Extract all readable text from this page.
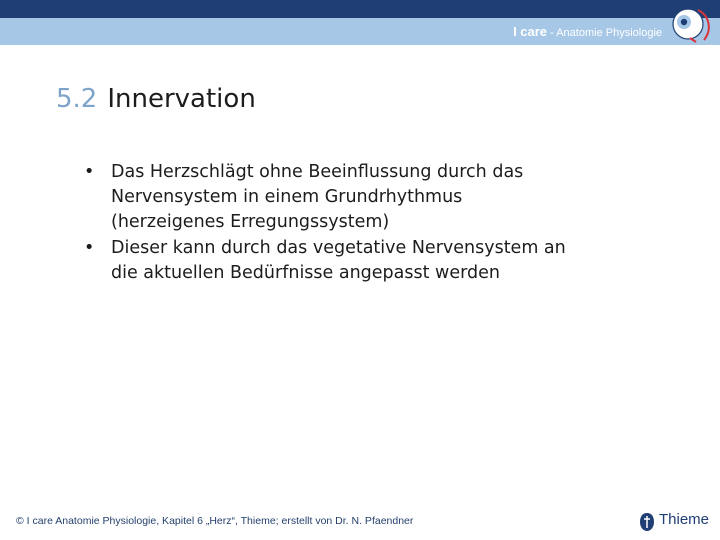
I care - Anatomie Physiologie
5.2 Innervation
• Das Herzschlägt ohne Beeinflussung durch das
Nervensystem in einem Grundrhythmus
(herzeigenes Erregungssystem)
• Dieser kann durch das vegetative Nervensystem an
die aktuellen Bedürfnisse angepasst werden
© I care Anatomie Physiologie, Kapitel 6 „Herz“, Thieme; erstellt von Dr. N. Pfaendner	Thieme
